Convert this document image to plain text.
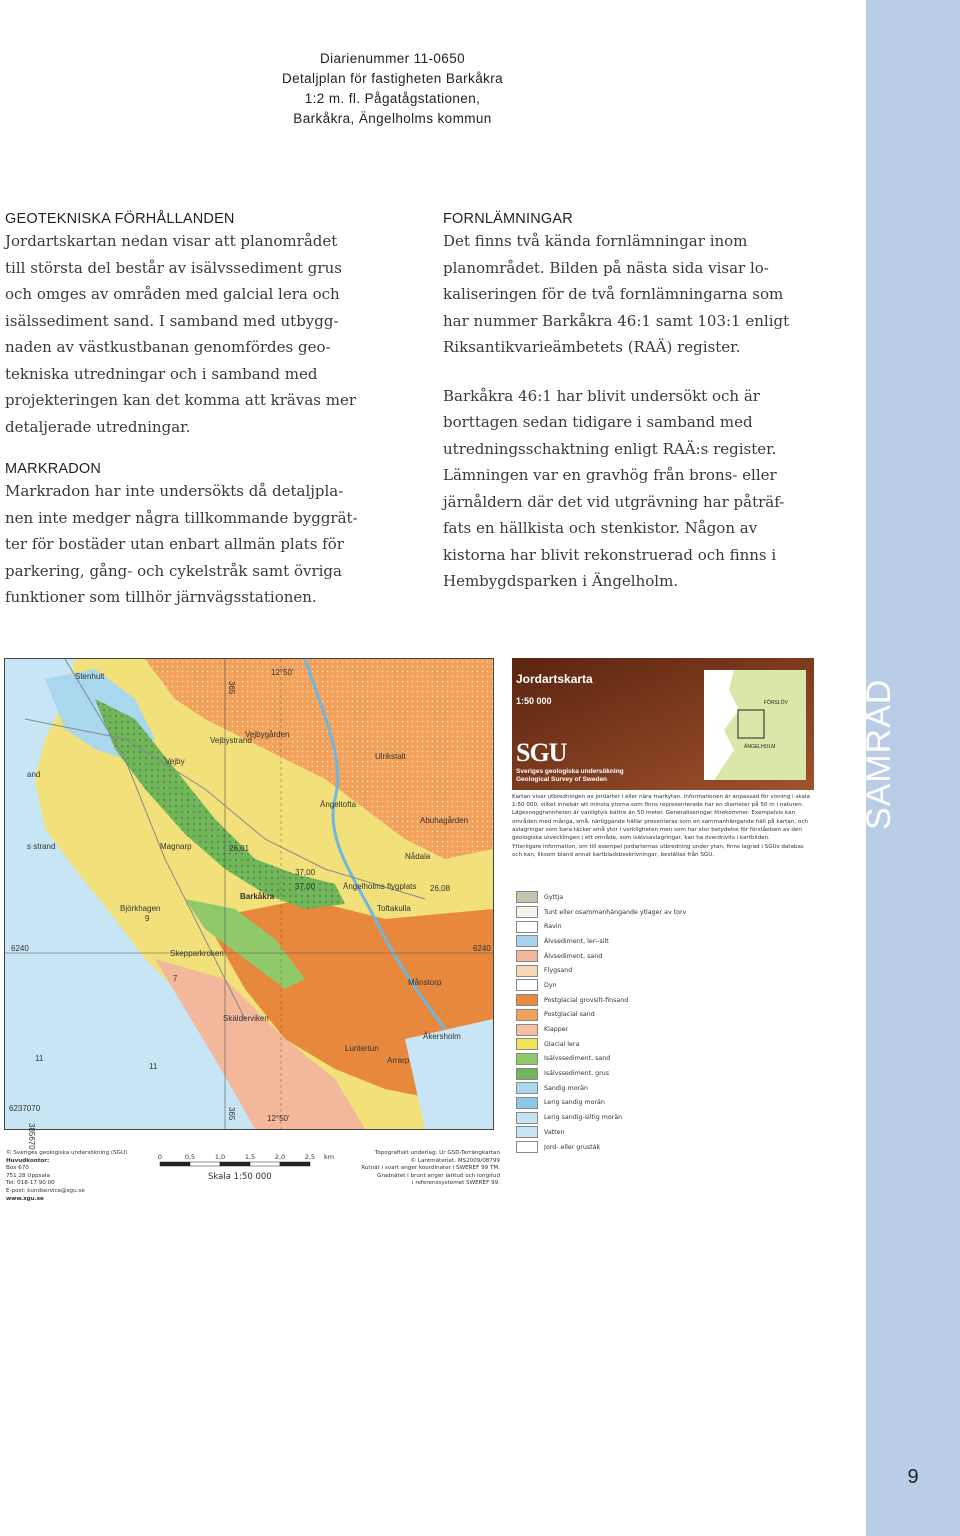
SAMRÅD
9
Diarienummer 11-0650
Detaljplan för fastigheten Barkåkra
1:2 m. fl. Pågatågstationen,
Barkåkra, Ängelholms kommun
GEOTEKNISKA FÖRHÅLLANDEN
Jordartskartan nedan visar att planområdet
till största del består av isälvssediment grus
och omges av områden med galcial lera och
isälssediment sand. I samband med utbygg-
naden av västkustbanan genomfördes geo-
tekniska utredningar och i samband med
projekteringen kan det komma att krävas mer
detaljerade utredningar.
MARKRADON
Markradon har inte undersökts då detaljpla-
nen inte medger några tillkommande byggrät-
ter för bostäder utan enbart allmän plats för
parkering, gång- och cykelstråk samt övriga
funktioner som tillhör järnvägsstationen.
FORNLÄMNINGAR
Det finns två kända fornlämningar inom
planområdet. Bilden på nästa sida visar lo-
kaliseringen för de två fornlämningarna som
har nummer Barkåkra 46:1 samt 103:1 enligt
Riksantikvarieämbetets (RAÄ) register.
Barkåkra 46:1 har blivit undersökt och är
borttagen sedan tidigare i samband med
utredningsschaktning enligt RAÄ:s register.
Lämningen var en gravhög från brons- eller
järnåldern där det vid utgrävning har påträf-
fats en hällkista och stenkistor. Någon av
kistorna har blivit rekonstruerad och finns i
Hembygdsparken i Ängelholm.
Stenhult
Vejbystrand
Vejby
Vejbygården
Ulrikstalt
Ängeltofta
Abuhagården
Nådala
Magnarp
Barkåkra
Ängelholms flygplats
Toftakulla
Björkhagen
Skepparkroken
Månstorp
Skälderviken
Luntertun
Åkersholm
Arrarp
s strand
and
365
12°50'
365	12°50'
6240	6240
6237070
385670
9
7
11
11
26,01
37,00	26,08
37,00
Jordartskarta
1:50 000
SGU
Sveriges geologiska undersökning
Geological Survey of Sweden
FÖRSLÖV
ÄNGELHOLM

Kartan visar utbredningen av jordarter i eller nära markytan. Informationen är anpassad för visning i skala 1:50 000, vilket innebär att minsta ytorna som finns representerade har en diameter på 50 m i naturen. Lägesnoggrannheten är vanligtvis bättre än 50 meter. Generaliseringar förekommer. Exempelvis kan områden med många, små, närliggande hällar presenteras som en sammanhängande häll på kartan, och avlagringar som bara täcker små ytor i verkligheten men som har stor betydelse för förståelsen av den geologiska utvecklingen i ett område, som isälvsavlagringar, kan ha överdrivits i kartbilden.

Ytterligare information, om till exempel jordarternas utbredning under ytan, finns lagrad i SGUs databas och kan, liksom bland annat kartbladsbeskrivningar, beställas från SGU.

Gyttja
Tunt eller osammanhängande ytlager av torv
Ravin
Älvsediment, ler--silt
Älvsediment, sand
Flygsand
Dyn
Postglacial grovsilt-finsand
Postglacial sand
Klapper
Glacial lera
Isälvssediment, sand
Isälvssediment, grus
Sandig morän
Lerig sandig morän
Lerig sandig-siltig morän
Vatten
Jord- eller grusták
© Sveriges geologiska undersökning (SGU)
Huvudkontor:
Box 670
751 28 Uppsala
Tel: 018-17 90 00
E-post: kundservice@sgu.se
www.sgu.se
0	0,5	1,0	1,5	2,0	2,5 km
Skala 1:50 000
Topografiskt underlag: Ur GSD-Terrängkartan
© Lantmäteriet. MS2009/08799
Rutnät i svart anger koordinater i SWEREF 99 TM.
Gradnätet i brunt anger latitud och longitud
i referenssystemet SWEREF 99.
